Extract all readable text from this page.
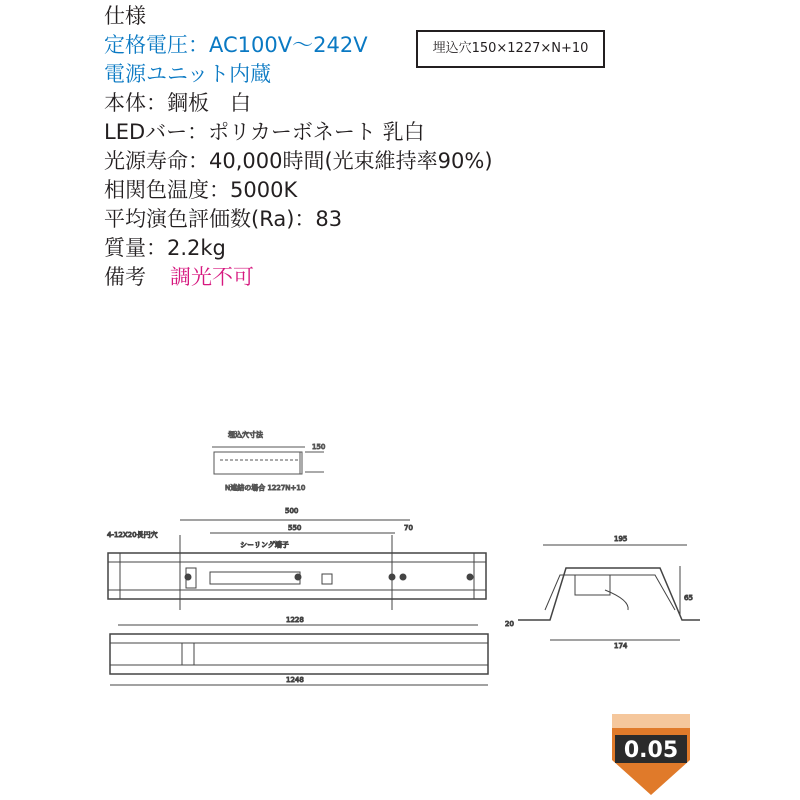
仕様
定格電圧：AC100V～242V
電源ユニット内蔵
本体：鋼板　白
LEDバー：ポリカーボネート 乳白
光源寿命：40,000時間(光束維持率90%)
相関色温度：5000K
平均演色評価数(Ra)：83
質量：2.2kg
備考 調光不可
埋込穴150×1227×N+10
埋込穴寸法
N連結の場合 1227N+10
150
500
550	70
4-12X20長円穴
シーリング端子
1228
1248
195
65
174
20
0.05
